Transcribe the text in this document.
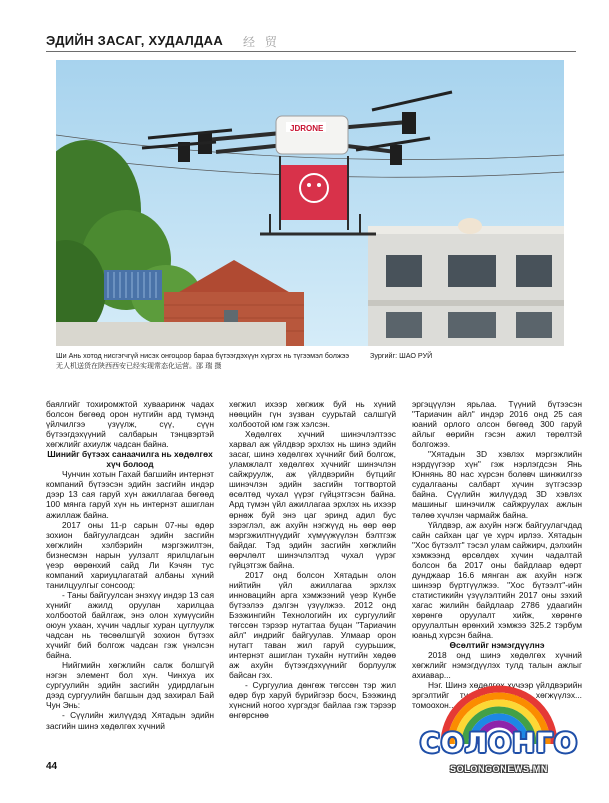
ЭДИЙН ЗАСАГ, ХУДАЛДАА 经 贸
JDRONE
Ши Ань хотод нисгэгчгүй нисэх онгоцоор бараа бүтээгдэхүүн хүргэх нь түгээмэл болжээ	Зургийг: ШАО РУЙ
无人机送货在陕西西安已经实现常态化运营。邵 瑞 摄

баялгийг тохиромжтой хувааринж чадах болсон бөгөөд орон нутгийн ард түмэнд үйлчилгээ үзүүлж, сүү, сүүн бүтээгдэхүүний салбарын тэнцвэртэй хөгжлийг ахиулж чадсан байна.

Шинийг бүтээх санаачилга нь хөдөлгөх хүч болоод

Чунчин хотын Гахай багшийн интернэт компаний бүтээсэн эдийн засгийн индэр дээр 13 сая гаруй хүн ажиллагаа бөгөөд 100 мянга гаруй хүн нь интернэт ашиглан ажиллаж байна.

2017 оны 11-р сарын 07-ны өдөр зохион байгуулагдсан эдийн засгийн хөгжлийн хэлбэрийн мэргэжилтэн, бизнесмэн нарын уулзалт ярилцлагын үеэр өөрөнхий сайд Ли Кэчян тус компаний хариуцлагатай албаны хүний танилцуулгыг сонсоод:

- Таны байгуулсан энэхүү индэр 13 сая хүнийг ажилд оруулан харилцаа холбоотой байлгаж, энэ олон хүмүүсийн оюун ухаан, хүчин чадлыг хуран цуглуулж чадсан нь төсөөлшгүй зохион бүтээх хүчийг бий болгож чадсан гэж үнэлсэн байна.

Нийгмийн хөгжлийн салж болшгүй нэгэн элемент бол хүн. Чинхуа их сургуулийн эдийн засгийн удирдлагын дээд сургуулийн багшын дэд захирал Бай Чун Энь:

- Сүүлийн жилүүдэд Хятадын эдийн засгийн шинэ хөдөлгөх хүчний

хөгжил ихээр хөгжиж буй нь хүний нөөцийн гүн зүзван суурьтай салшгүй холбоотой юм гэж хэлсэн.

Хөдөлгөх хүчний шинэчлэлтээс харвал аж үйлдвэр эрхлэх нь шинэ эдийн засаг, шинэ хөдөлгөх хүчнийг бий болгож, уламжлалт хөдөлгөх хүчнийг шинэчлэн сайжруулж, аж үйлдвэрийн бүтцийг шинэчлэн эдийн засгийн тогтвортой өсөлтөд чухал үүрэг гүйцэтгэсэн байна. Ард түмэн үйл ажиллагаа эрхлэх нь ихээр өрнөж буй энэ цаг эринд адил бус зэрэглэл, аж ахуйн нэгжүүд нь өөр өөр мэргэжилтнүүдийг хүмүүжүүлэн бэлтгэж байдаг. Тэд эдийн засгийн хөгжлийн өөрчлөлт шинэчлэлтэд чухал үүрэг гүйцэтгэж байна.

2017 онд болсон Хятадын олон нийтийн үйл ажиллагаа эрхлэх инновацийн арга хэмжээний үеэр Күнбе бүтээлээ дэлгэн үзүүлжээ. 2012 онд Бээжингийн Технологийн их сургуулийг төгссөн тэрээр нутагтаа буцан "Тариачин айл" индрийг байгуулав. Улмаар орон нутагт таван жил гаруй суурьшиж, интернэт ашиглан тухайн нутгийн хөдөө аж ахуйн бүтээгдэхүүнийг борлуулж байсан гэх.

- Сургуулиа дөнгөж төгссөн тэр жил өдөр бүр харуй бүрийгээр босч, Бээжинд хүнсний ногоо хүргэдэг байлаа гэж тэрээр өнгөрснөө

эргэцүүлэн ярьлаа. Түүний бүтээсэн "Тариачин айл" индэр 2016 онд 25 сая юаний орлого олсон бөгөөд 300 гаруй айлыг өөрийн гэсэн ажил төрөлтэй болгожээ.

"Хятадын 3D хэвлэх мэргэжлийн нэрдүүгээр хүн" гэж нэрлэгдсэн Янь Юннянь 80 нас хүрсэн болөвч шинжилгээ судалгааны салбарт хүчин зүтгэсээр байна. Сүүлийн жилүүдэд 3D хэвлэх машиныг шинэчилж сайжруулах ажлын төлөө хүчлэн чармайж байна.

Үйлдвэр, аж ахуйн нэгж байгуулагчдад сайн сайхан цаг үе хүрч ирлээ. Хятадын "Хос бүтээлт" тэсэл улам сайжирч, дэлхийн хэмжээнд өрсөлдөх хүчин чадалтай болсон ба 2017 оны байдлаар өдөрт дунджаар 16.6 мянган аж ахуйн нэгж шинээр бүртгүүлжээ. "Хос бүтээлт"-ийн статистикийн үзүүлэлтийн 2017 оны зэхий хагас жилийн байдлаар 2786 удаагийн хөрөнгө оруулалт хийж, хөрөнгө оруулалтын өрөнхий хэмжээ 325.2 тэрбум юаньд хүрсэн байна.

Өсөлтийг нэмэгдүүлнэ

2018 онд шинэ хөдөлгөх хүчний хөгжлийг нэмэгдүүлэх тулд талын ажлыг ахиавар...

Нэг. Шинэ хөдөлгөх хүчээр үйлдвэрийн эргэлтийг түлхүү шинээр хөгжүүлэх... томоохон...

44
СОЛОНГО
SOLONGONEWS.MN
